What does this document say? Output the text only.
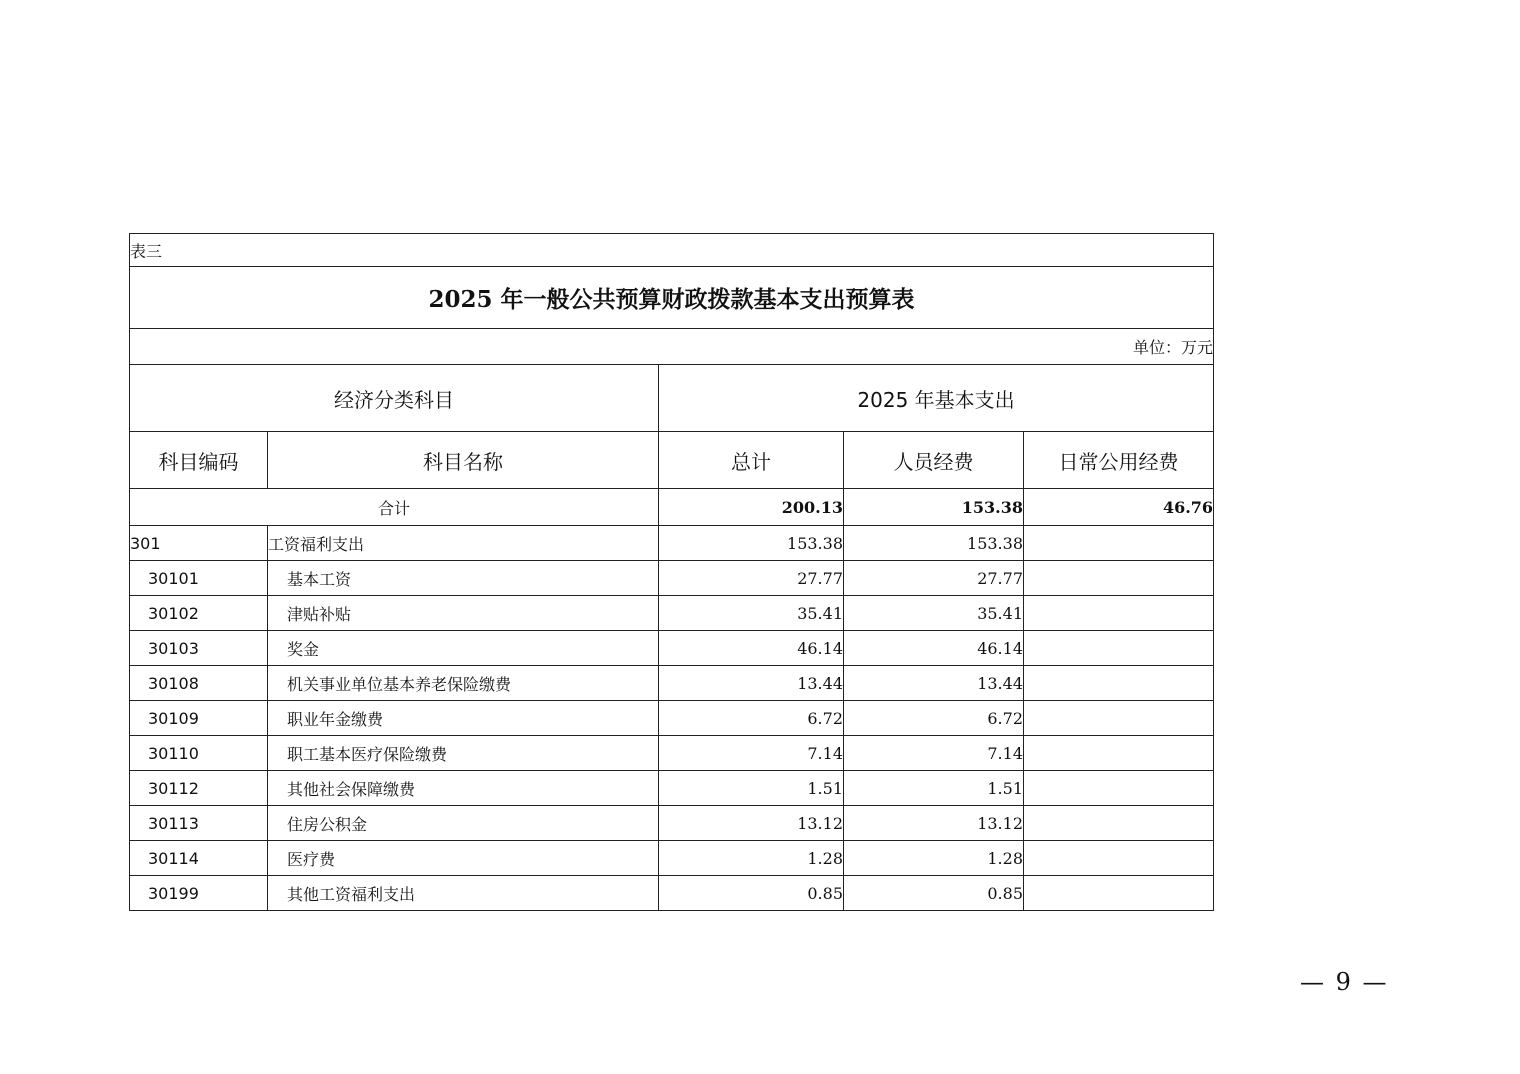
表三				
2025 年一般公共预算财政拨款基本支出预算表				
单位：万元				
经济分类科目		2025 年基本支出		
科目编码	科目名称	总计	人员经费	日常公用经费
合计		200.13	153.38	46.76
301	工资福利支出	153.38	153.38	
30101	基本工资	27.77	27.77	
30102	津贴补贴	35.41	35.41	
30103	奖金	46.14	46.14	
30108	机关事业单位基本养老保险缴费	13.44	13.44	
30109	职业年金缴费	6.72	6.72	
30110	职工基本医疗保险缴费	7.14	7.14	
30112	其他社会保障缴费	1.51	1.51	
30113	住房公积金	13.12	13.12	
30114	医疗费	1.28	1.28	
30199	其他工资福利支出	0.85	0.85	
— 9 —
